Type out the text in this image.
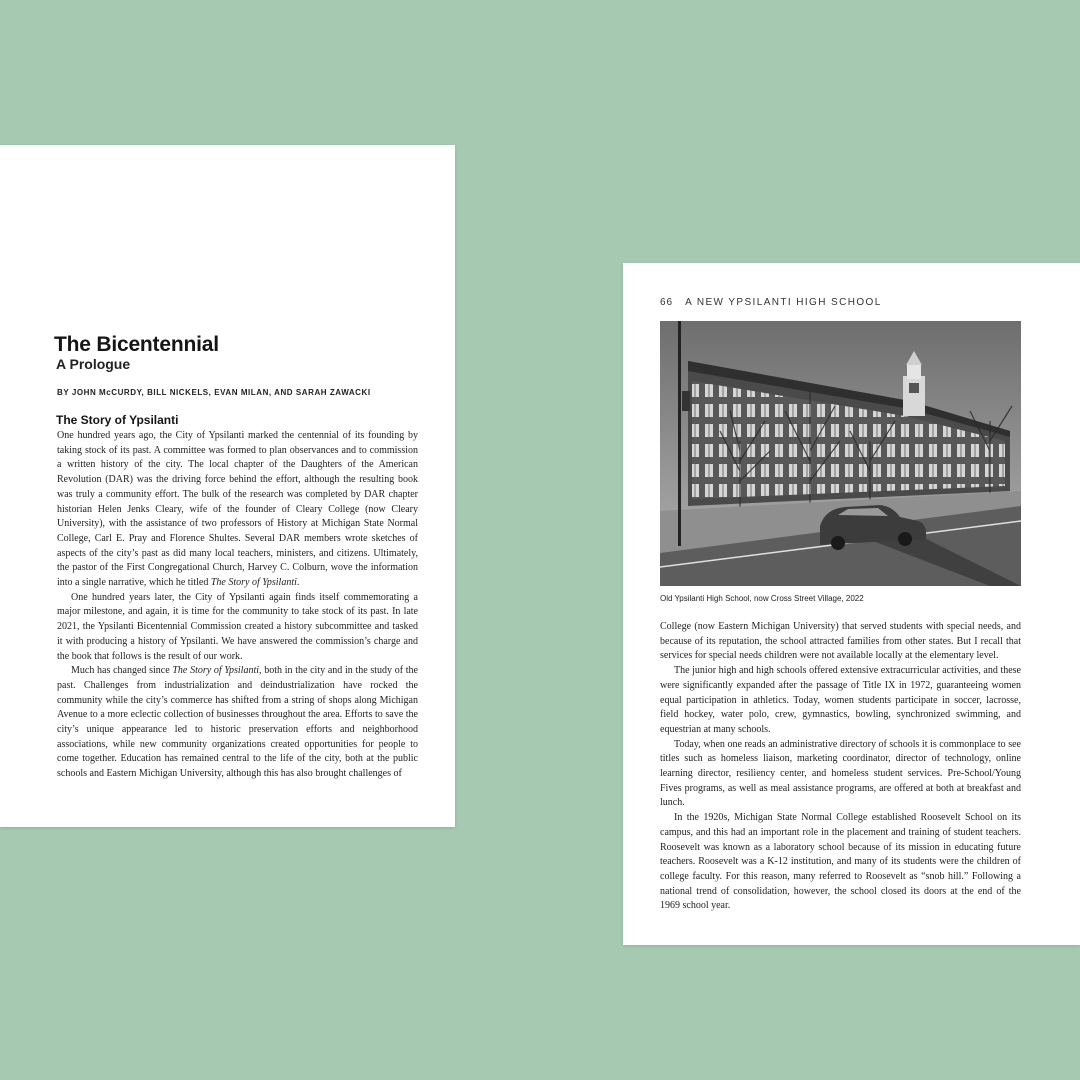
The Bicentennial
A Prologue

BY JOHN McCURDY, BILL NICKELS, EVAN MILAN, AND SARAH ZAWACKI

The Story of Ypsilanti

One hundred years ago, the City of Ypsilanti marked the centennial of its founding by taking stock of its past. A committee was formed to plan observances and to commission a written history of the city. The local chapter of the Daughters of the American Revolution (DAR) was the driving force behind the effort, although the resulting book was truly a community effort. The bulk of the research was completed by DAR chapter historian Helen Jenks Cleary, wife of the founder of Cleary College (now Cleary University), with the assistance of two professors of History at Michigan State Normal College, Carl E. Pray and Florence Shultes. Several DAR members wrote sketches of aspects of the city’s past as did many local teachers, ministers, and citizens. Ultimately, the pastor of the First Congregational Church, Harvey C. Colburn, wove the information into a single narrative, which he titled The Story of Ypsilanti.

One hundred years later, the City of Ypsilanti again finds itself commemorating a major milestone, and again, it is time for the community to take stock of its past. In late 2021, the Ypsilanti Bicentennial Commission created a history subcommittee and tasked it with producing a history of Ypsilanti. We have answered the commission’s charge and the book that follows is the result of our work.

Much has changed since The Story of Ypsilanti, both in the city and in the study of the past. Challenges from industrialization and deindustrialization have rocked the community while the city’s commerce has shifted from a string of shops along Michigan Avenue to a more eclectic collection of businesses throughout the area. Efforts to save the city’s unique appearance led to historic preservation efforts and neighborhood associations, while new community organizations created opportunities for people to come together. Education has remained central to the life of the city, both at the public schools and Eastern Michigan University, although this has also brought challenges of

66 A NEW YPSILANTI HIGH SCHOOL

Old Ypsilanti High School, now Cross Street Village, 2022

College (now Eastern Michigan University) that served students with special needs, and because of its reputation, the school attracted families from other states. But I recall that services for special needs children were not available locally at the elementary level.

The junior high and high schools offered extensive extracurricular activities, and these were significantly expanded after the passage of Title IX in 1972, guaranteeing women equal participation in athletics. Today, women students participate in soccer, lacrosse, field hockey, water polo, crew, gymnastics, bowling, synchronized swimming, and equestrian at many schools.

Today, when one reads an administrative directory of schools it is commonplace to see titles such as homeless liaison, marketing coordinator, director of technology, online learning director, resiliency center, and homeless student services. Pre-School/Young Fives programs, as well as meal assistance programs, are offered at both at breakfast and lunch.

In the 1920s, Michigan State Normal College established Roosevelt School on its campus, and this had an important role in the placement and training of student teachers. Roosevelt was known as a laboratory school because of its mission in educating future teachers. Roosevelt was a K-12 institution, and many of its students were the children of college faculty. For this reason, many referred to Roosevelt as “snob hill.” Following a national trend of consolidation, however, the school closed its doors at the end of the 1969 school year.
